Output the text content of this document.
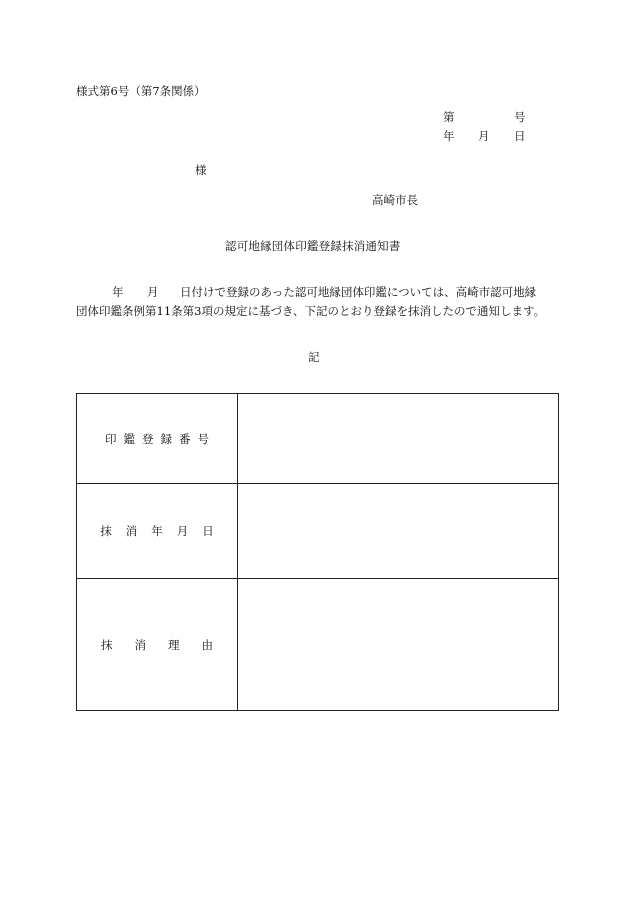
様式第6号（第7条関係）
第	号
年 月 日
様
高崎市長
認可地縁団体印鑑登録抹消通知書
年 月 日付けで登録のあった認可地縁団体印鑑については、高崎市認可地縁
団体印鑑条例第11条第3項の規定に基づき、下記のとおり登録を抹消したので通知します。
記
印 鑑 登 録 番 号	
抹 消 年 月 日	
抹 消 理 由	
